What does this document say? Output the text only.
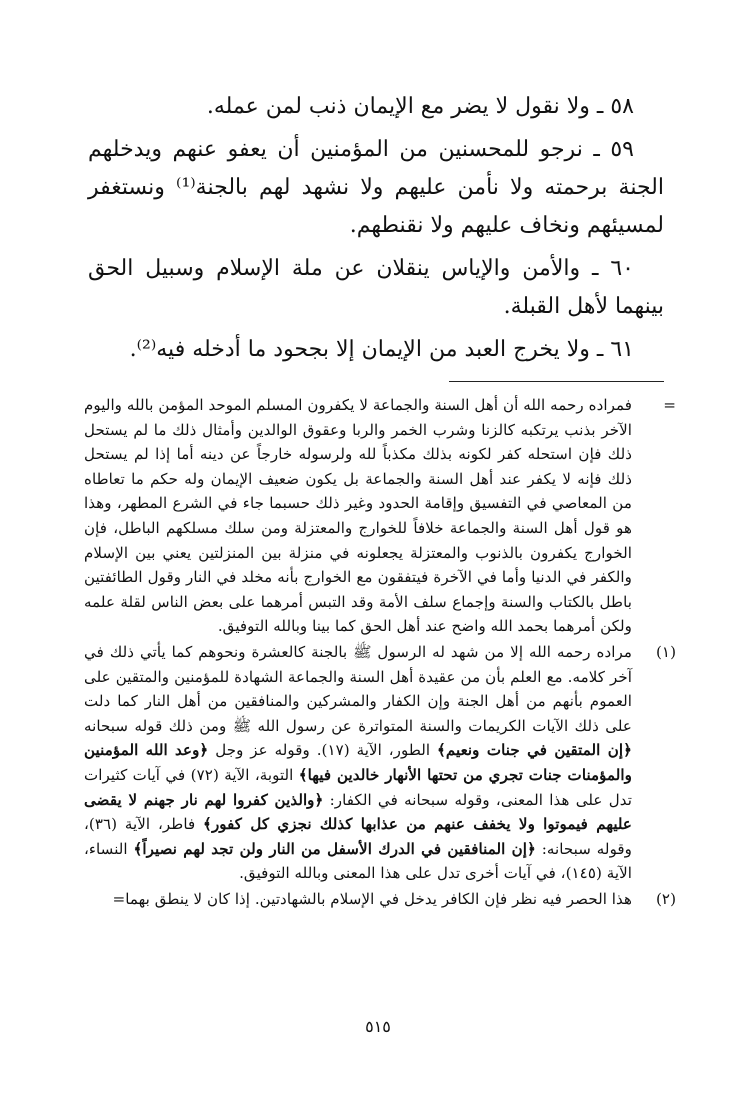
٥٨ ـ ولا نقول لا يضر مع الإيمان ذنب لمن عمله.

٥٩ ـ نرجو للمحسنين من المؤمنين أن يعفو عنهم ويدخلهم الجنة برحمته ولا نأمن عليهم ولا نشهد لهم بالجنة⁽¹⁾ ونستغفر لمسيئهم ونخاف عليهم ولا نقنطهم.

٦٠ ـ والأمن والإياس ينقلان عن ملة الإسلام وسبيل الحق بينهما لأهل القبلة.

٦١ ـ ولا يخرج العبد من الإيمان إلا بجحود ما أدخله فيه⁽²⁾.

=
فمراده رحمه الله أن أهل السنة والجماعة لا يكفرون المسلم الموحد المؤمن بالله واليوم الآخر بذنب يرتكبه كالزنا وشرب الخمر والربا وعقوق الوالدين وأمثال ذلك ما لم يستحل ذلك فإن استحله كفر لكونه بذلك مكذباً لله ولرسوله خارجاً عن دينه أما إذا لم يستحل ذلك فإنه لا يكفر عند أهل السنة والجماعة بل يكون ضعيف الإيمان وله حكم ما تعاطاه من المعاصي في التفسيق وإقامة الحدود وغير ذلك حسبما جاء في الشرع المطهر، وهذا هو قول أهل السنة والجماعة خلافاً للخوارج والمعتزلة ومن سلك مسلكهم الباطل، فإن الخوارج يكفرون بالذنوب والمعتزلة يجعلونه في منزلة بين المنزلتين يعني بين الإسلام والكفر في الدنيا وأما في الآخرة فيتفقون مع الخوارج بأنه مخلد في النار وقول الطائفتين باطل بالكتاب والسنة وإجماع سلف الأمة وقد التبس أمرهما على بعض الناس لقلة علمه ولكن أمرهما بحمد الله واضح عند أهل الحق كما بينا وبالله التوفيق.
(١)
مراده رحمه الله إلا من شهد له الرسول ﷺ بالجنة كالعشرة ونحوهم كما يأتي ذلك في آخر كلامه. مع العلم بأن من عقيدة أهل السنة والجماعة الشهادة للمؤمنين والمتقين على العموم بأنهم من أهل الجنة وإن الكفار والمشركين والمنافقين من أهل النار كما دلت على ذلك الآيات الكريمات والسنة المتواترة عن رسول الله ﷺ ومن ذلك قوله سبحانه ﴿إن المتقين في جنات ونعيم﴾ الطور، الآية (١٧). وقوله عز وجل ﴿وعد الله المؤمنين والمؤمنات جنات تجري من تحتها الأنهار خالدين فيها﴾ التوبة، الآية (٧٢) في آيات كثيرات تدل على هذا المعنى، وقوله سبحانه في الكفار: ﴿والذين كفروا لهم نار جهنم لا يقضى عليهم فيموتوا ولا يخفف عنهم من عذابها كذلك نجزي كل كفور﴾ فاطر، الآية (٣٦)، وقوله سبحانه: ﴿إن المنافقين في الدرك الأسفل من النار ولن تجد لهم نصيراً﴾ النساء، الآية (١٤٥)، في آيات أخرى تدل على هذا المعنى وبالله التوفيق.
(٢)
هذا الحصر فيه نظر فإن الكافر يدخل في الإسلام بالشهادتين. إذا كان لا ينطق بهما=
٥١٥
